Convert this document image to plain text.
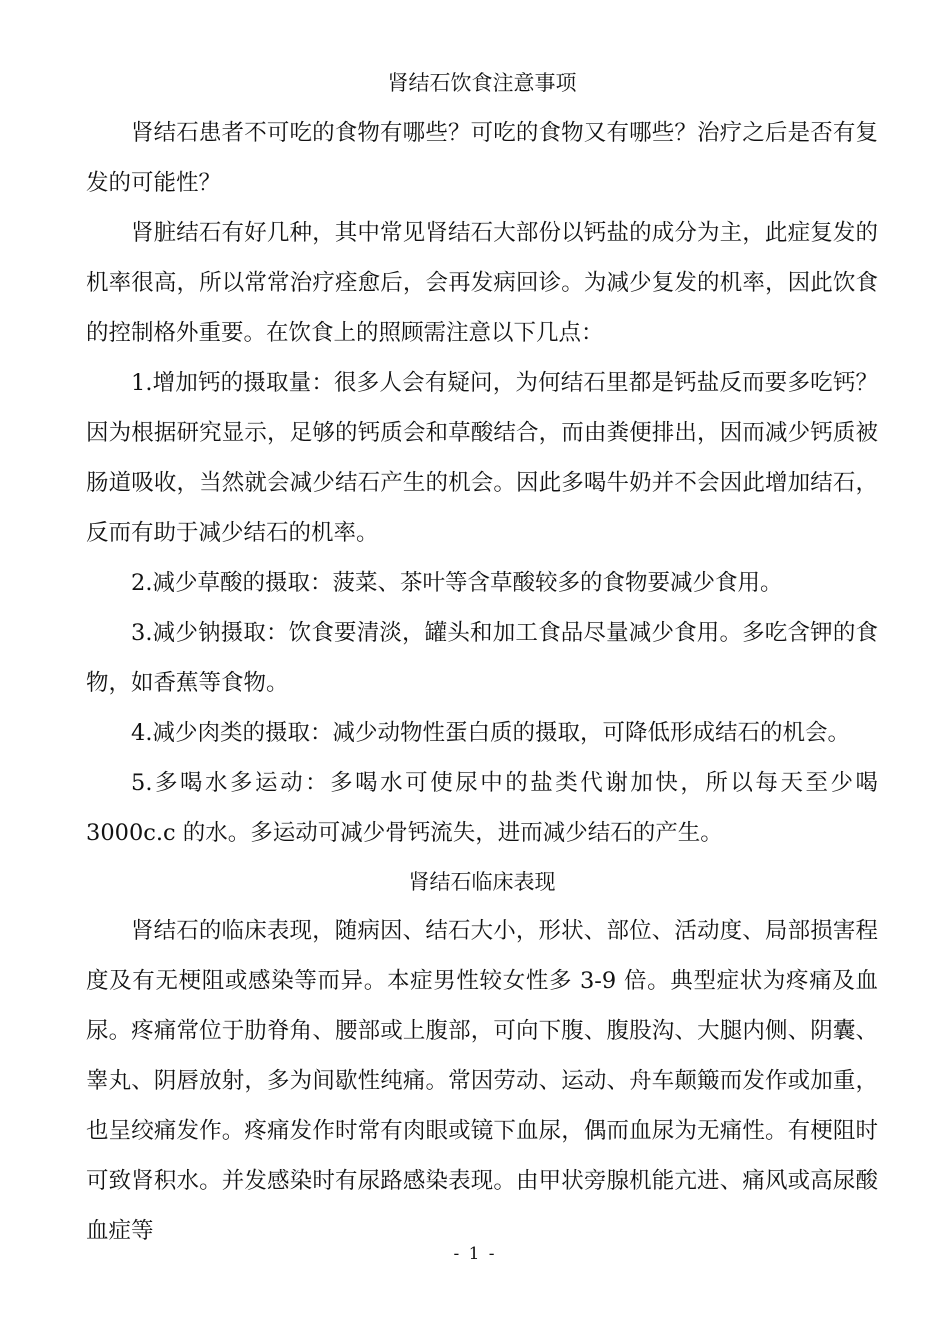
肾结石饮食注意事项

肾结石患者不可吃的食物有哪些？可吃的食物又有哪些？治疗之后是否有复发的可能性？

肾脏结石有好几种，其中常见肾结石大部份以钙盐的成分为主，此症复发的机率很高，所以常常治疗痊愈后，会再发病回诊。为减少复发的机率，因此饮食的控制格外重要。在饮食上的照顾需注意以下几点：

1.增加钙的摄取量：很多人会有疑问，为何结石里都是钙盐反而要多吃钙？因为根据研究显示，足够的钙质会和草酸结合，而由粪便排出，因而减少钙质被肠道吸收，当然就会减少结石产生的机会。因此多喝牛奶并不会因此增加结石，反而有助于减少结石的机率。

2.减少草酸的摄取：菠菜、茶叶等含草酸较多的食物要减少食用。

3.减少钠摄取：饮食要清淡，罐头和加工食品尽量减少食用。多吃含钾的食物，如香蕉等食物。

4.减少肉类的摄取：减少动物性蛋白质的摄取，可降低形成结石的机会。

5.多喝水多运动：多喝水可使尿中的盐类代谢加快，所以每天至少喝 3000c.c 的水。多运动可减少骨钙流失，进而减少结石的产生。

肾结石临床表现

肾结石的临床表现，随病因、结石大小，形状、部位、活动度、局部损害程度及有无梗阻或感染等而异。本症男性较女性多 3-9 倍。典型症状为疼痛及血尿。疼痛常位于肋脊角、腰部或上腹部，可向下腹、腹股沟、大腿内侧、阴囊、睾丸、阴唇放射，多为间歇性纯痛。常因劳动、运动、舟车颠簸而发作或加重，也呈绞痛发作。疼痛发作时常有肉眼或镜下血尿，偶而血尿为无痛性。有梗阻时可致肾积水。并发感染时有尿路感染表现。由甲状旁腺机能亢进、痛风或高尿酸血症等

- 1 -
